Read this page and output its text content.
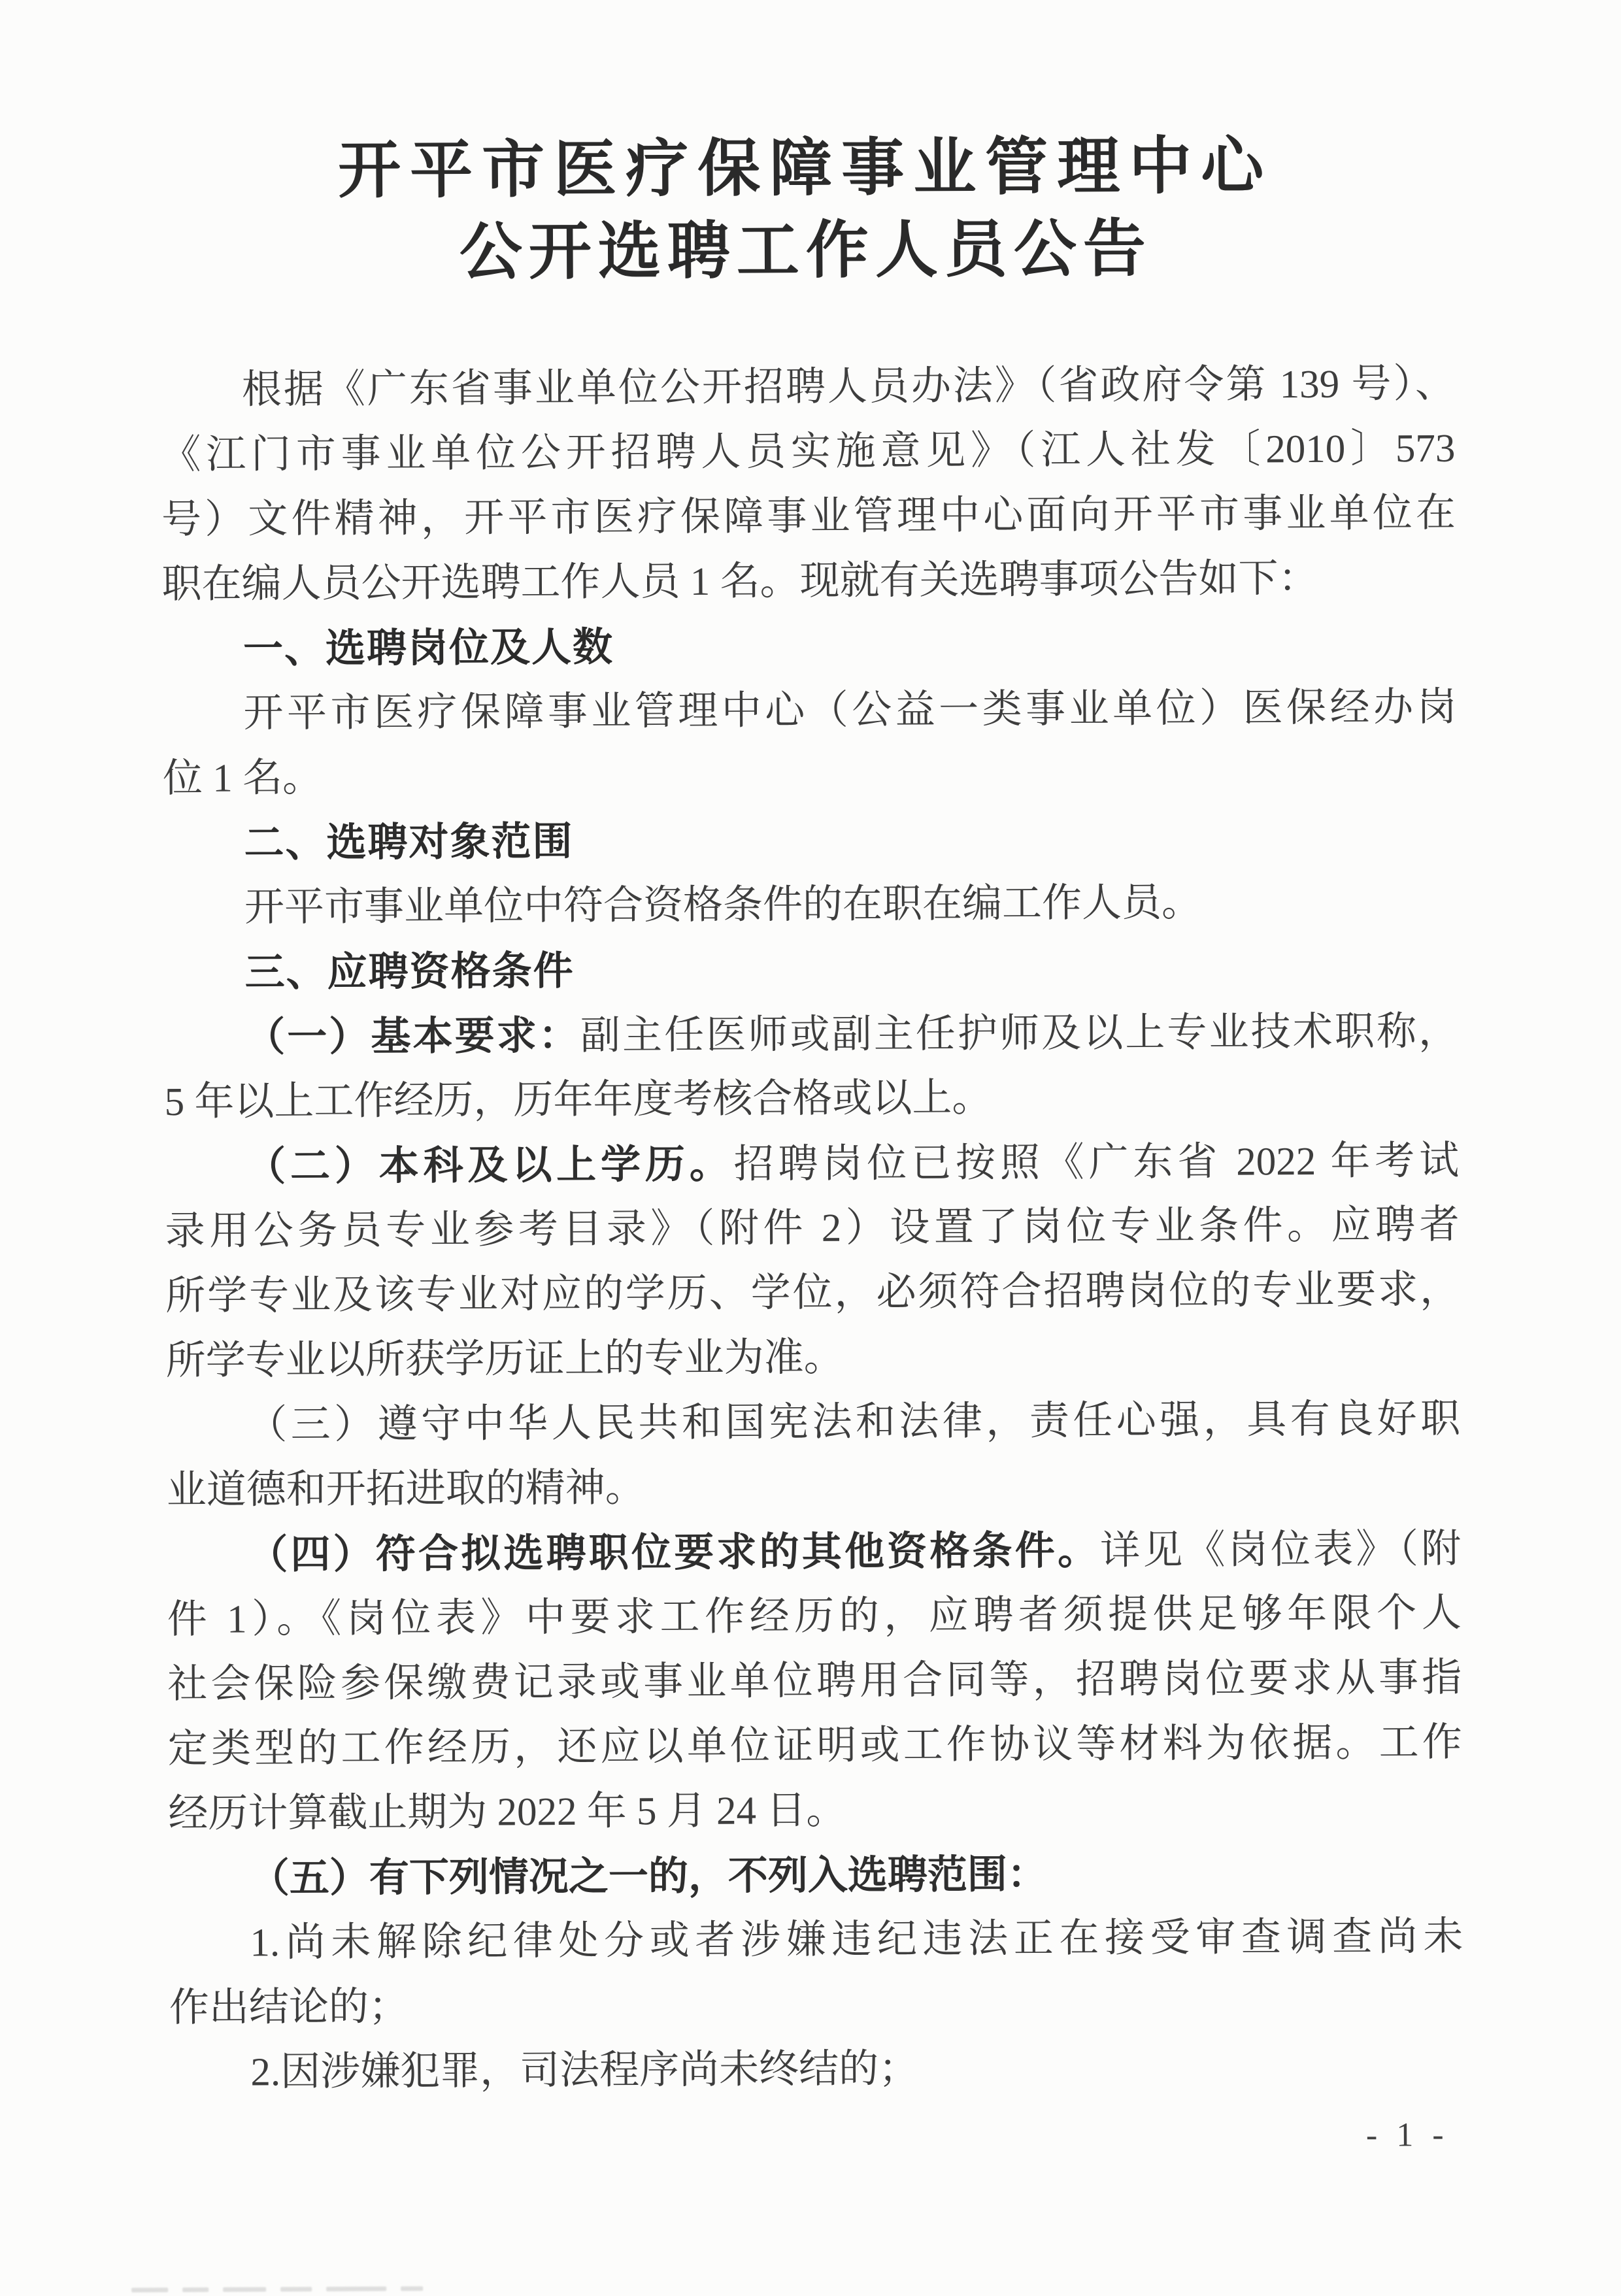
开平市医疗保障事业管理中心
公开选聘工作人员公告
根据《广东省事业单位公开招聘人员办法》（省政府令第 139 号）、
《江门市事业单位公开招聘人员实施意见》（江人社发〔2010〕573
号）文件精神，开平市医疗保障事业管理中心面向开平市事业单位在
职在编人员公开选聘工作人员 1 名。现就有关选聘事项公告如下：
一、选聘岗位及人数
开平市医疗保障事业管理中心（公益一类事业单位）医保经办岗
位 1 名。
二、选聘对象范围
开平市事业单位中符合资格条件的在职在编工作人员。
三、应聘资格条件
（一）基本要求：副主任医师或副主任护师及以上专业技术职称，
5 年以上工作经历，历年年度考核合格或以上。
（二）本科及以上学历。招聘岗位已按照《广东省 2022 年考试
录用公务员专业参考目录》（附件 2）设置了岗位专业条件。应聘者
所学专业及该专业对应的学历、学位，必须符合招聘岗位的专业要求，
所学专业以所获学历证上的专业为准。
（三）遵守中华人民共和国宪法和法律，责任心强，具有良好职
业道德和开拓进取的精神。
（四）符合拟选聘职位要求的其他资格条件。详见《岗位表》（附
件 1）。《岗位表》中要求工作经历的，应聘者须提供足够年限个人
社会保险参保缴费记录或事业单位聘用合同等，招聘岗位要求从事指
定类型的工作经历，还应以单位证明或工作协议等材料为依据。工作
经历计算截止期为 2022 年 5 月 24 日。
（五）有下列情况之一的，不列入选聘范围：
1.尚未解除纪律处分或者涉嫌违纪违法正在接受审查调查尚未
作出结论的；
2.因涉嫌犯罪，司法程序尚未终结的；
- 1 -
